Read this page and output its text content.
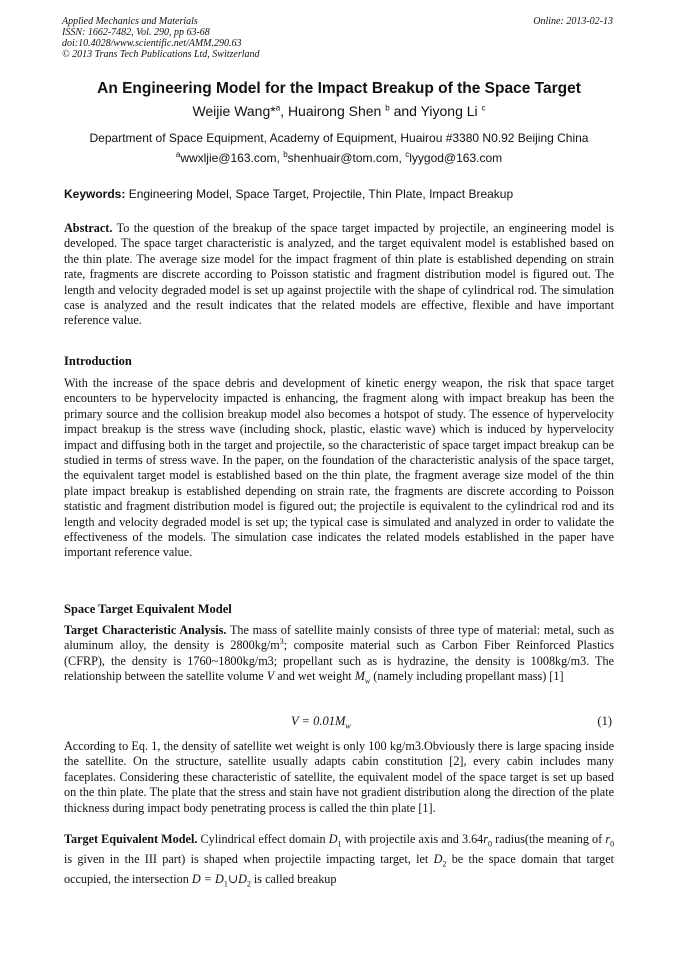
Applied Mechanics and Materials
ISSN: 1662-7482, Vol. 290, pp 63-68
doi:10.4028/www.scientific.net/AMM.290.63
© 2013 Trans Tech Publications Ltd, Switzerland
Online: 2013-02-13
An Engineering Model for the Impact Breakup of the Space Target
Weijie Wang*$^a$, Huairong Shen $^b$ and Yiyong Li $^c$
Department of Space Equipment, Academy of Equipment, Huairou #3380 N0.92 Beijing China
$^a$wwxljie@163.com, $^b$shenhuair@tom.com, $^c$lyygod@163.com
Keywords: Engineering Model, Space Target, Projectile, Thin Plate, Impact Breakup
Abstract. To the question of the breakup of the space target impacted by projectile, an engineering model is developed. The space target characteristic is analyzed, and the target equivalent model is established based on the thin plate. The average size model for the impact fragment of thin plate is established depending on strain rate, fragments are discrete according to Poisson statistic and fragment distribution model is figured out. The length and velocity degraded model is set up against projectile with the shape of cylindrical rod. The simulation case is analyzed and the result indicates that the related models are effective, flexible and have important reference value.
Introduction
With the increase of the space debris and development of kinetic energy weapon, the risk that space target encounters to be hypervelocity impacted is enhancing, the fragment along with impact breakup has been the primary source and the collision breakup model also becomes a hotspot of study. The essence of hypervelocity impact breakup is the stress wave (including shock, plastic, elastic wave) which is induced by hypervelocity impact and diffusing both in the target and projectile, so the characteristic of space target impact breakup can be studied in terms of stress wave. In the paper, on the foundation of the characteristic analysis of the space target, the equivalent target model is established based on the thin plate, the fragment average size model of the thin plate impact breakup is established depending on strain rate, the fragments are discrete according to Poisson statistic and fragment distribution model is figured out; the projectile is equivalent to the cylindrical rod and its length and velocity degraded model is set up; the typical case is simulated and analyzed in order to validate the effectiveness of the models. The simulation case indicates the related models established in the paper have important reference value.
Space Target Equivalent Model
Target Characteristic Analysis. The mass of satellite mainly consists of three type of material: metal, such as aluminum alloy, the density is $2800kg/m^3$; composite material such as Carbon Fiber Reinforced Plastics (CFRP), the density is 1760~1800kg/m3; propellant such as is hydrazine, the density is 1008kg/m3. The relationship between the satellite volume V and wet weight $M_w$ (namely including propellant mass) [1]
$V = 0.01M_w$	(1)
According to Eq. 1, the density of satellite wet weight is only 100 kg/m3.Obviously there is large spacing inside the satellite. On the structure, satellite usually adapts cabin constitution [2], every cabin includes many faceplates. Considering these characteristic of satellite, the equivalent model of the space target is set up based on the thin plate. The plate that the stress and stain have not gradient distribution along the direction of the plate thickness during impact body penetrating process is called the thin plate [1].
Target Equivalent Model. Cylindrical effect domain $D_1$ with projectile axis and $3.64r_0$ radius(the meaning of $r_0$ is given in the III part) is shaped when projectile impacting target, let $D_2$ be the space domain that target occupied, the intersection $D = D_1\cup D_2$ is called breakup
